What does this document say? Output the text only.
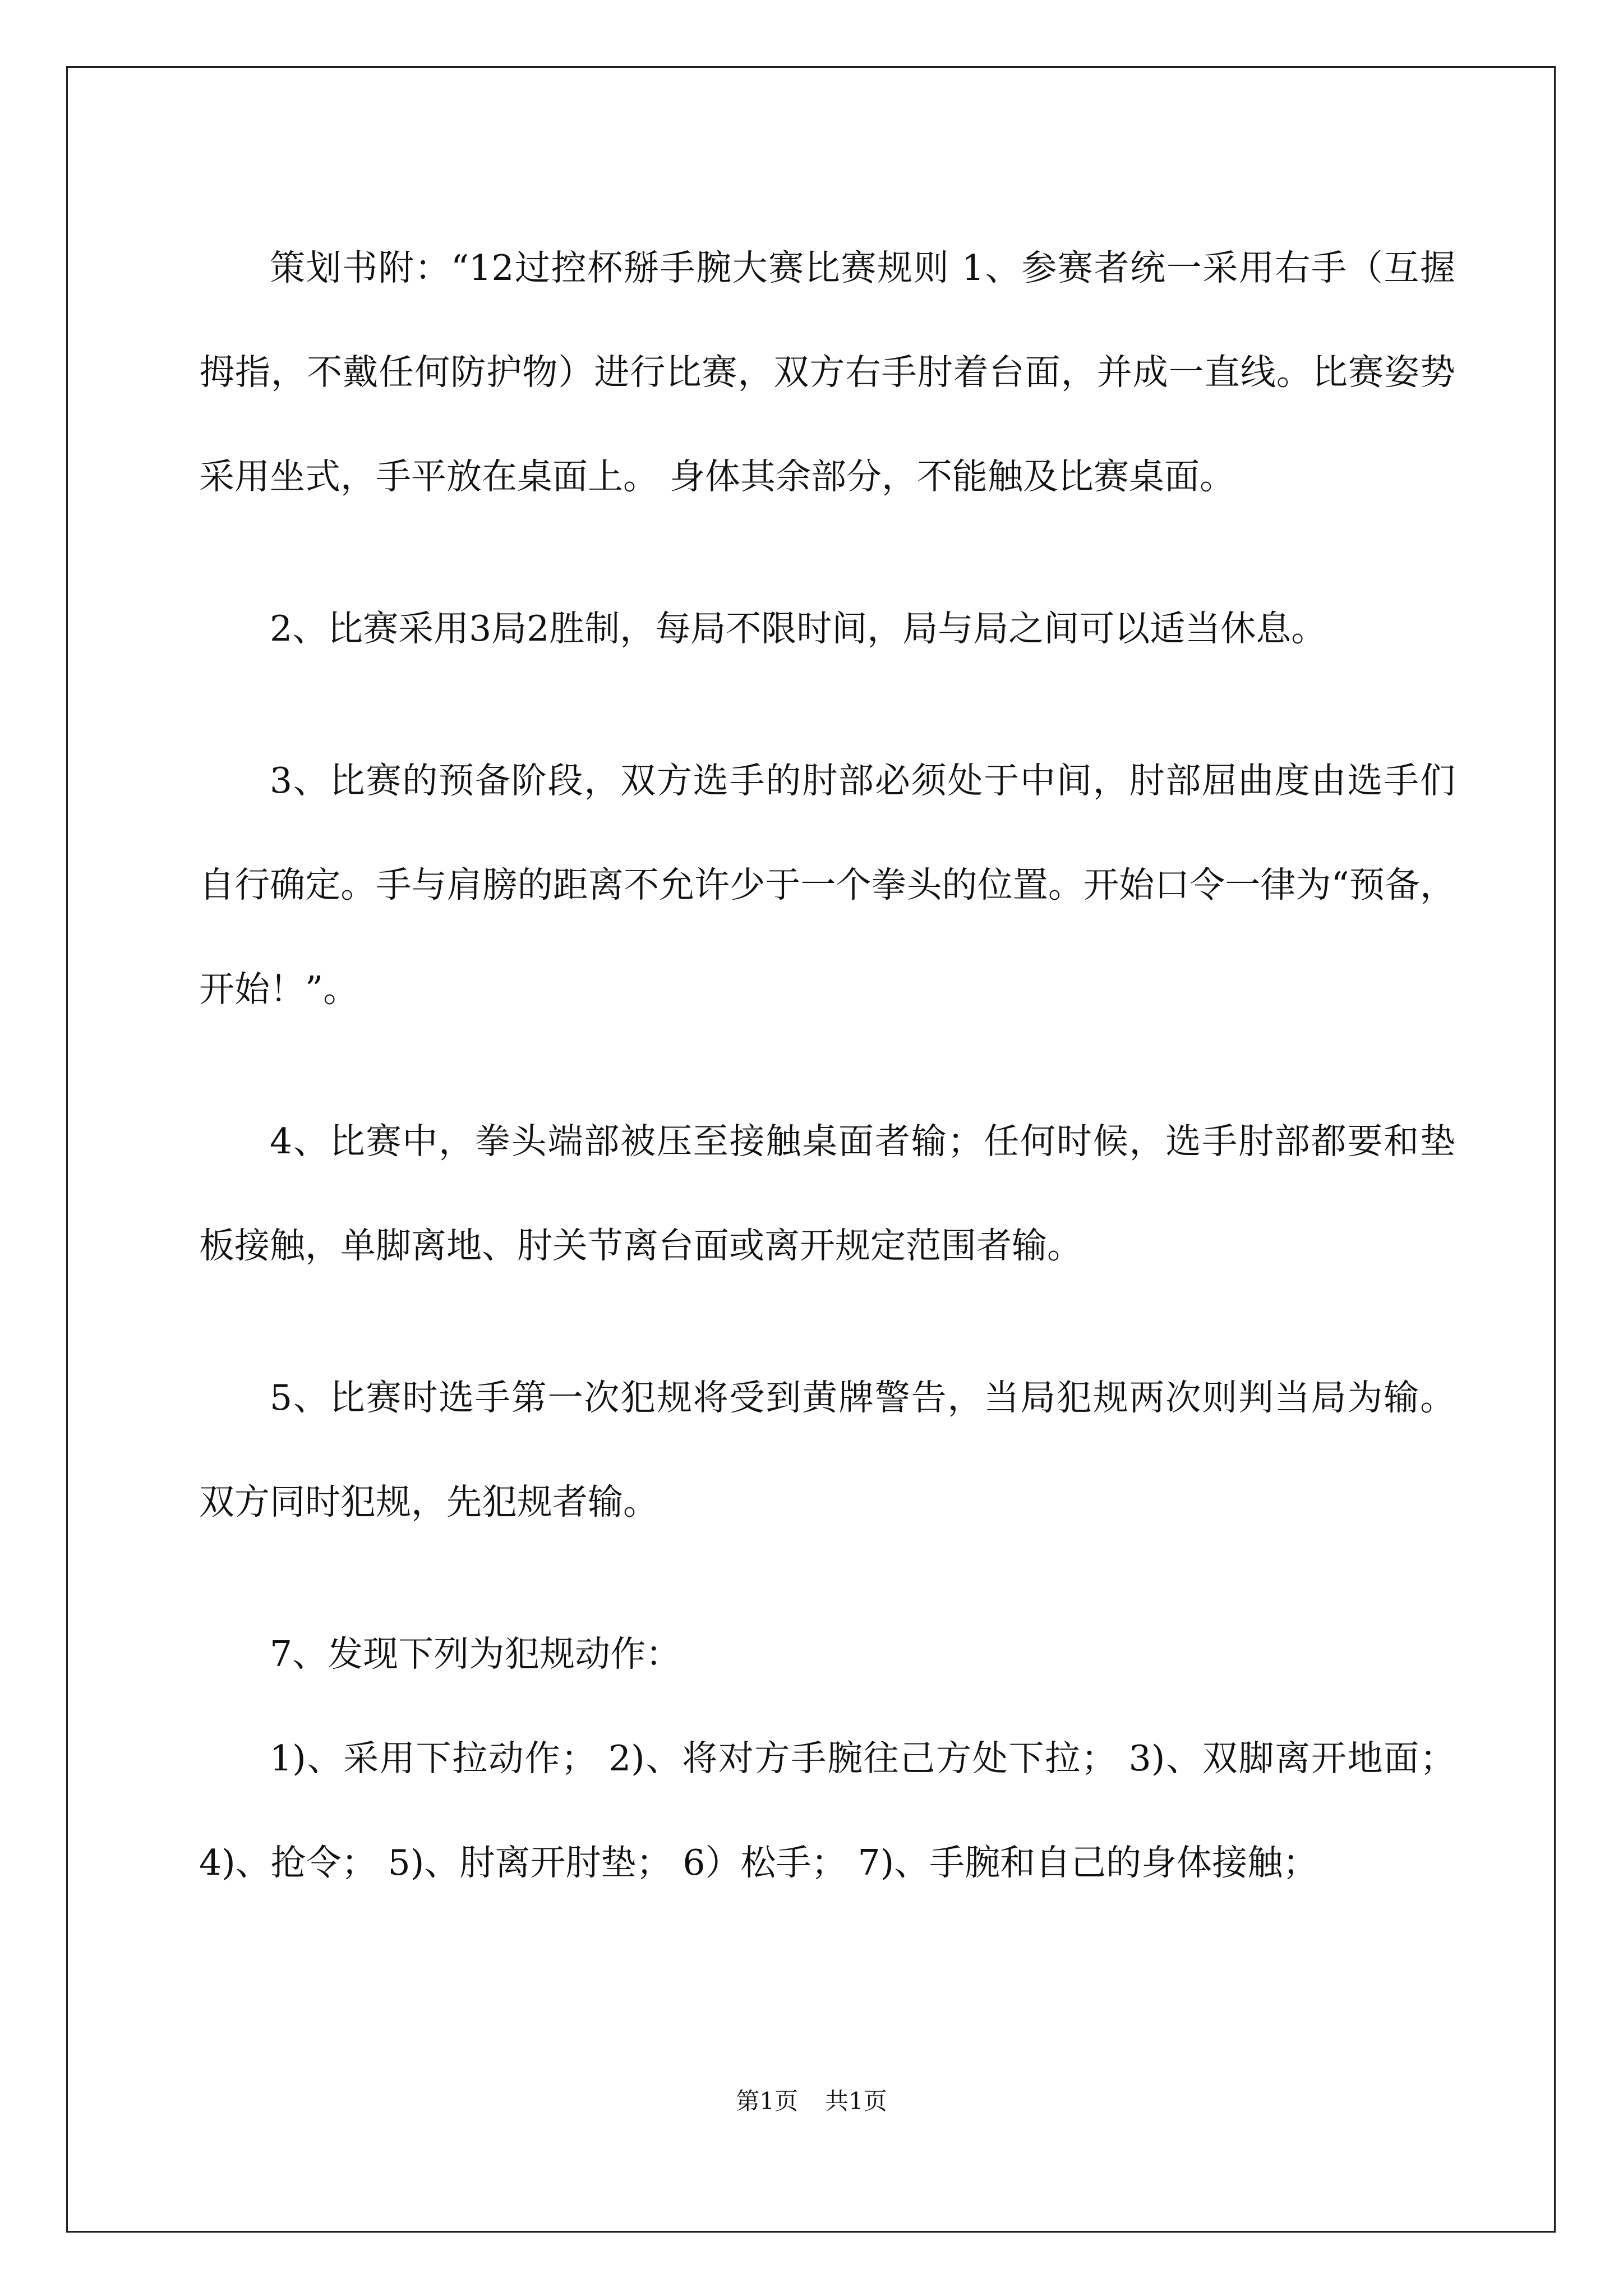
策划书附：“12过控杯掰手腕大赛比赛规则 1、参赛者统一采用右手（互握拇指，不戴任何防护物）进行比赛，双方右手肘着台面，并成一直线。比赛姿势采用坐式，手平放在桌面上。 身体其余部分，不能触及比赛桌面。

2、比赛采用3局2胜制，每局不限时间，局与局之间可以适当休息。

3、比赛的预备阶段，双方选手的肘部必须处于中间，肘部屈曲度由选手们自行确定。手与肩膀的距离不允许少于一个拳头的位置。开始口令一律为“预备，开始！”。

4、比赛中，拳头端部被压至接触桌面者输；任何时候，选手肘部都要和垫板接触，单脚离地、肘关节离台面或离开规定范围者输。

5、比赛时选手第一次犯规将受到黄牌警告，当局犯规两次则判当局为输。双方同时犯规，先犯规者输。

7、发现下列为犯规动作：

1)、采用下拉动作； 2)、将对方手腕往己方处下拉； 3)、双脚离开地面； 4)、抢令； 5)、肘离开肘垫； 6）松手； 7)、手腕和自己的身体接触；

第1页 共1页
